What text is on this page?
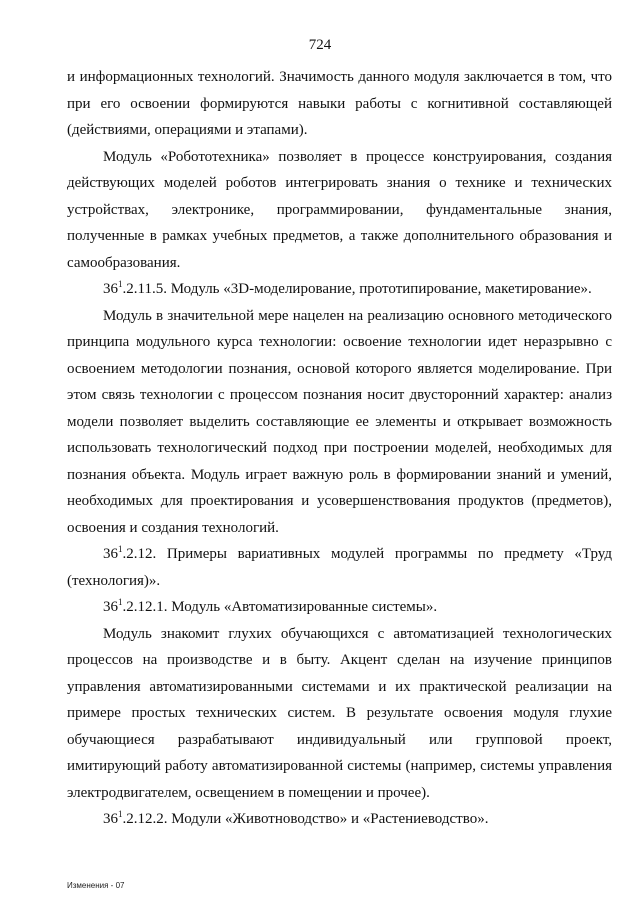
724

и информационных технологий. Значимость данного модуля заключается в том, что при его освоении формируются навыки работы с когнитивной составляющей (действиями, операциями и этапами).

Модуль «Робототехника» позволяет в процессе конструирования, создания действующих моделей роботов интегрировать знания о технике и технических устройствах, электронике, программировании, фундаментальные знания, полученные в рамках учебных предметов, а также дополнительного образования и самообразования.

$36^1.2.11.5$. Модуль «3D-моделирование, прототипирование, макетирование».

Модуль в значительной мере нацелен на реализацию основного методического принципа модульного курса технологии: освоение технологии идет неразрывно с освоением методологии познания, основой которого является моделирование. При этом связь технологии с процессом познания носит двусторонний характер: анализ модели позволяет выделить составляющие ее элементы и открывает возможность использовать технологический подход при построении моделей, необходимых для познания объекта. Модуль играет важную роль в формировании знаний и умений, необходимых для проектирования и усовершенствования продуктов (предметов), освоения и создания технологий.

$36^1.2.12$. Примеры вариативных модулей программы по предмету «Труд (технология)».

$36^1.2.12.1$. Модуль «Автоматизированные системы».

Модуль знакомит глухих обучающихся с автоматизацией технологических процессов на производстве и в быту. Акцент сделан на изучение принципов управления автоматизированными системами и их практической реализации на примере простых технических систем. В результате освоения модуля глухие обучающиеся разрабатывают индивидуальный или групповой проект, имитирующий работу автоматизированной системы (например, системы управления электродвигателем, освещением в помещении и прочее).

$36^1.2.12.2$. Модули «Животноводство» и «Растениеводство».

Изменения - 07
